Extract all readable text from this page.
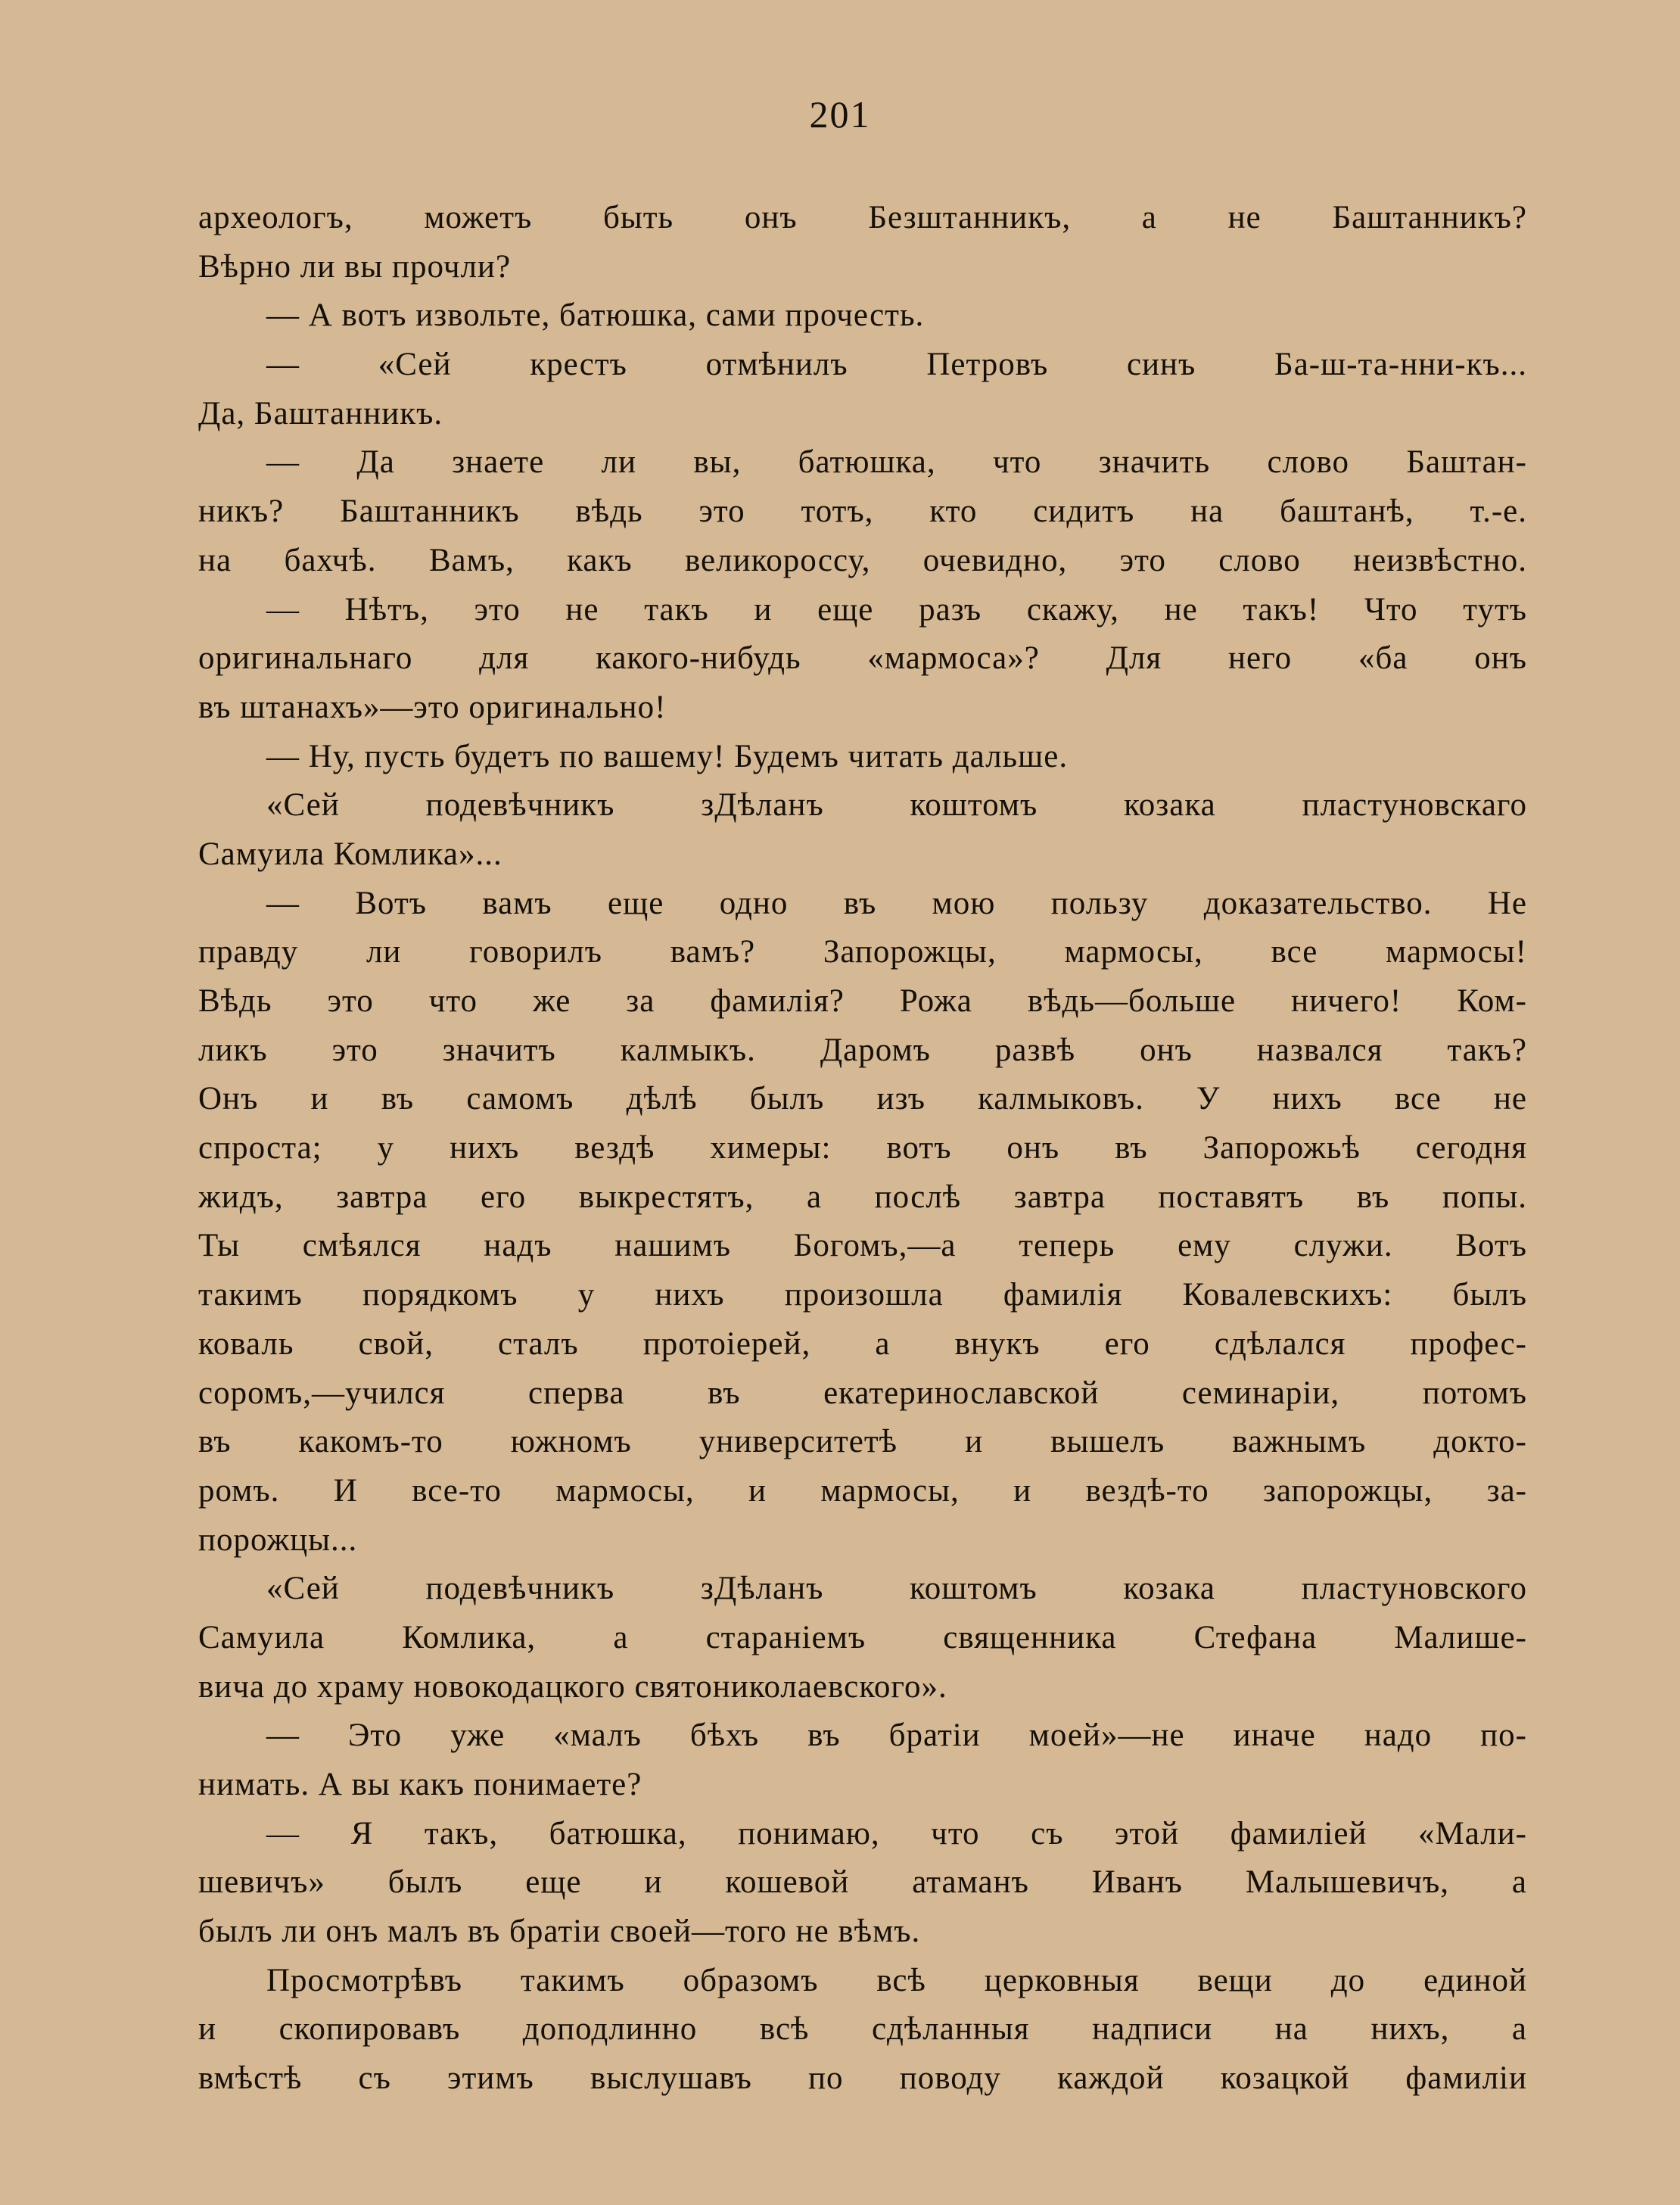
201
археологъ, можетъ быть онъ Безштанникъ, а не Баштанникъ?
Вѣрно ли вы прочли?
— А вотъ извольте, батюшка, сами прочесть.
— «Сей крестъ отмѣнилъ Петровъ синъ Ба-ш-та-нни-къ...
Да, Баштанникъ.
— Да знаете ли вы, батюшка, что значить слово Баштан-
никъ? Баштанникъ вѣдь это тотъ, кто сидитъ на баштанѣ, т.-е.
на бахчѣ. Вамъ, какъ великороссу, очевидно, это слово неизвѣстно.
— Нѣтъ, это не такъ и еще разъ скажу, не такъ! Что тутъ
оригинальнаго для какого-нибудь «мармоса»? Для него «ба онъ
въ штанахъ»—это оригинально!
— Ну, пусть будетъ по вашему! Будемъ читать дальше.
«Сей подевѣчникъ зДѣланъ коштомъ козака пластуновскаго
Самуила Комлика»...
— Вотъ вамъ еще одно въ мою пользу доказательство. Не
правду ли говорилъ вамъ? Запорожцы, мармосы, все мармосы!
Вѣдь это что же за фамилія? Рожа вѣдь—больше ничего! Ком-
ликъ это значитъ калмыкъ. Даромъ развѣ онъ назвался такъ?
Онъ и въ самомъ дѣлѣ былъ изъ калмыковъ. У нихъ все не
спроста; у нихъ вездѣ химеры: вотъ онъ въ Запорожьѣ сегодня
жидъ, завтра его выкрестятъ, а послѣ завтра поставятъ въ попы.
Ты смѣялся надъ нашимъ Богомъ,—а теперь ему служи. Вотъ
такимъ порядкомъ у нихъ произошла фамилія Ковалевскихъ: былъ
коваль свой, сталъ протоіерей, а внукъ его сдѣлался профес-
соромъ,—учился сперва въ екатеринославской семинаріи, потомъ
въ какомъ-то южномъ университетѣ и вышелъ важнымъ докто-
ромъ. И все-то мармосы, и мармосы, и вездѣ-то запорожцы, за-
порожцы...
«Сей подевѣчникъ зДѣланъ коштомъ козака пластуновского
Самуила Комлика, а стараніемъ священника Стефана Малише-
вича до храму новокодацкого святониколаевского».
— Это уже «малъ бѣхъ въ братіи моей»—не иначе надо по-
нимать. А вы какъ понимаете?
— Я такъ, батюшка, понимаю, что съ этой фамиліей «Мали-
шевичъ» былъ еще и кошевой атаманъ Иванъ Малышевичъ, а
былъ ли онъ малъ въ братіи своей—того не вѣмъ.
Просмотрѣвъ такимъ образомъ всѣ церковныя вещи до единой
и скопировавъ доподлинно всѣ сдѣланныя надписи на нихъ, а
вмѣстѣ съ этимъ выслушавъ по поводу каждой козацкой фамиліи
